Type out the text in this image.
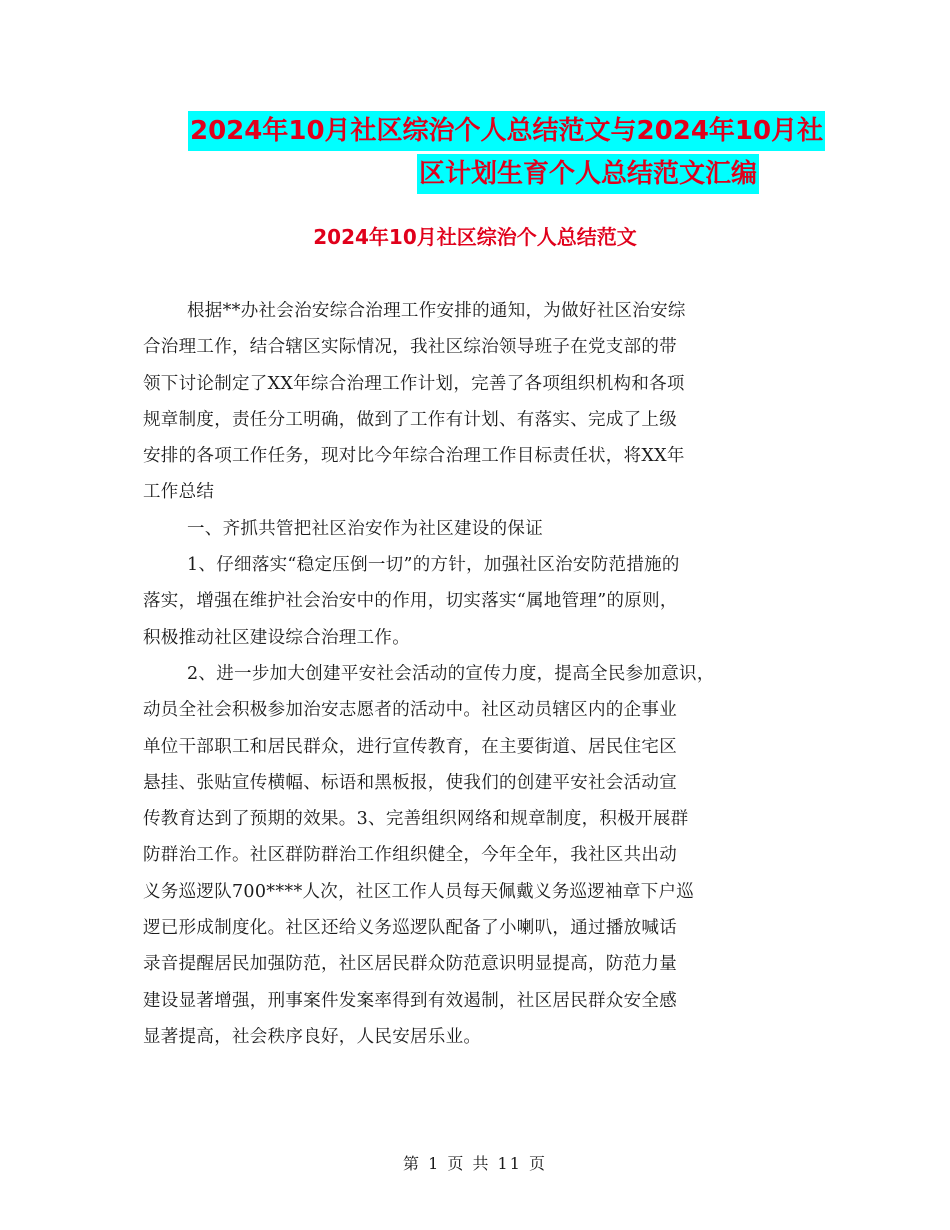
2024年10月社区综治个人总结范文与2024年10月社
区计划生育个人总结范文汇编
2024年10月社区综治个人总结范文
根据**办社会治安综合治理工作安排的通知，为做好社区治安综
合治理工作，结合辖区实际情况，我社区综治领导班子在党支部的带
领下讨论制定了XX年综合治理工作计划，完善了各项组织机构和各项
规章制度，责任分工明确，做到了工作有计划、有落实、完成了上级
安排的各项工作任务，现对比今年综合治理工作目标责任状，将XX年
工作总结
一、齐抓共管把社区治安作为社区建设的保证
1、仔细落实“稳定压倒一切”的方针，加强社区治安防范措施的
落实，增强在维护社会治安中的作用，切实落实“属地管理”的原则，
积极推动社区建设综合治理工作。
2、进一步加大创建平安社会活动的宣传力度，提高全民参加意识，
动员全社会积极参加治安志愿者的活动中。社区动员辖区内的企事业
单位干部职工和居民群众，进行宣传教育，在主要街道、居民住宅区
悬挂、张贴宣传横幅、标语和黑板报，使我们的创建平安社会活动宣
传教育达到了预期的效果。3、完善组织网络和规章制度，积极开展群
防群治工作。社区群防群治工作组织健全，今年全年，我社区共出动
义务巡逻队700****人次，社区工作人员每天佩戴义务巡逻袖章下户巡
逻已形成制度化。社区还给义务巡逻队配备了小喇叭，通过播放喊话
录音提醒居民加强防范，社区居民群众防范意识明显提高，防范力量
建设显著增强，刑事案件发案率得到有效遏制，社区居民群众安全感
显著提高，社会秩序良好，人民安居乐业。
第 1 页 共 11 页
